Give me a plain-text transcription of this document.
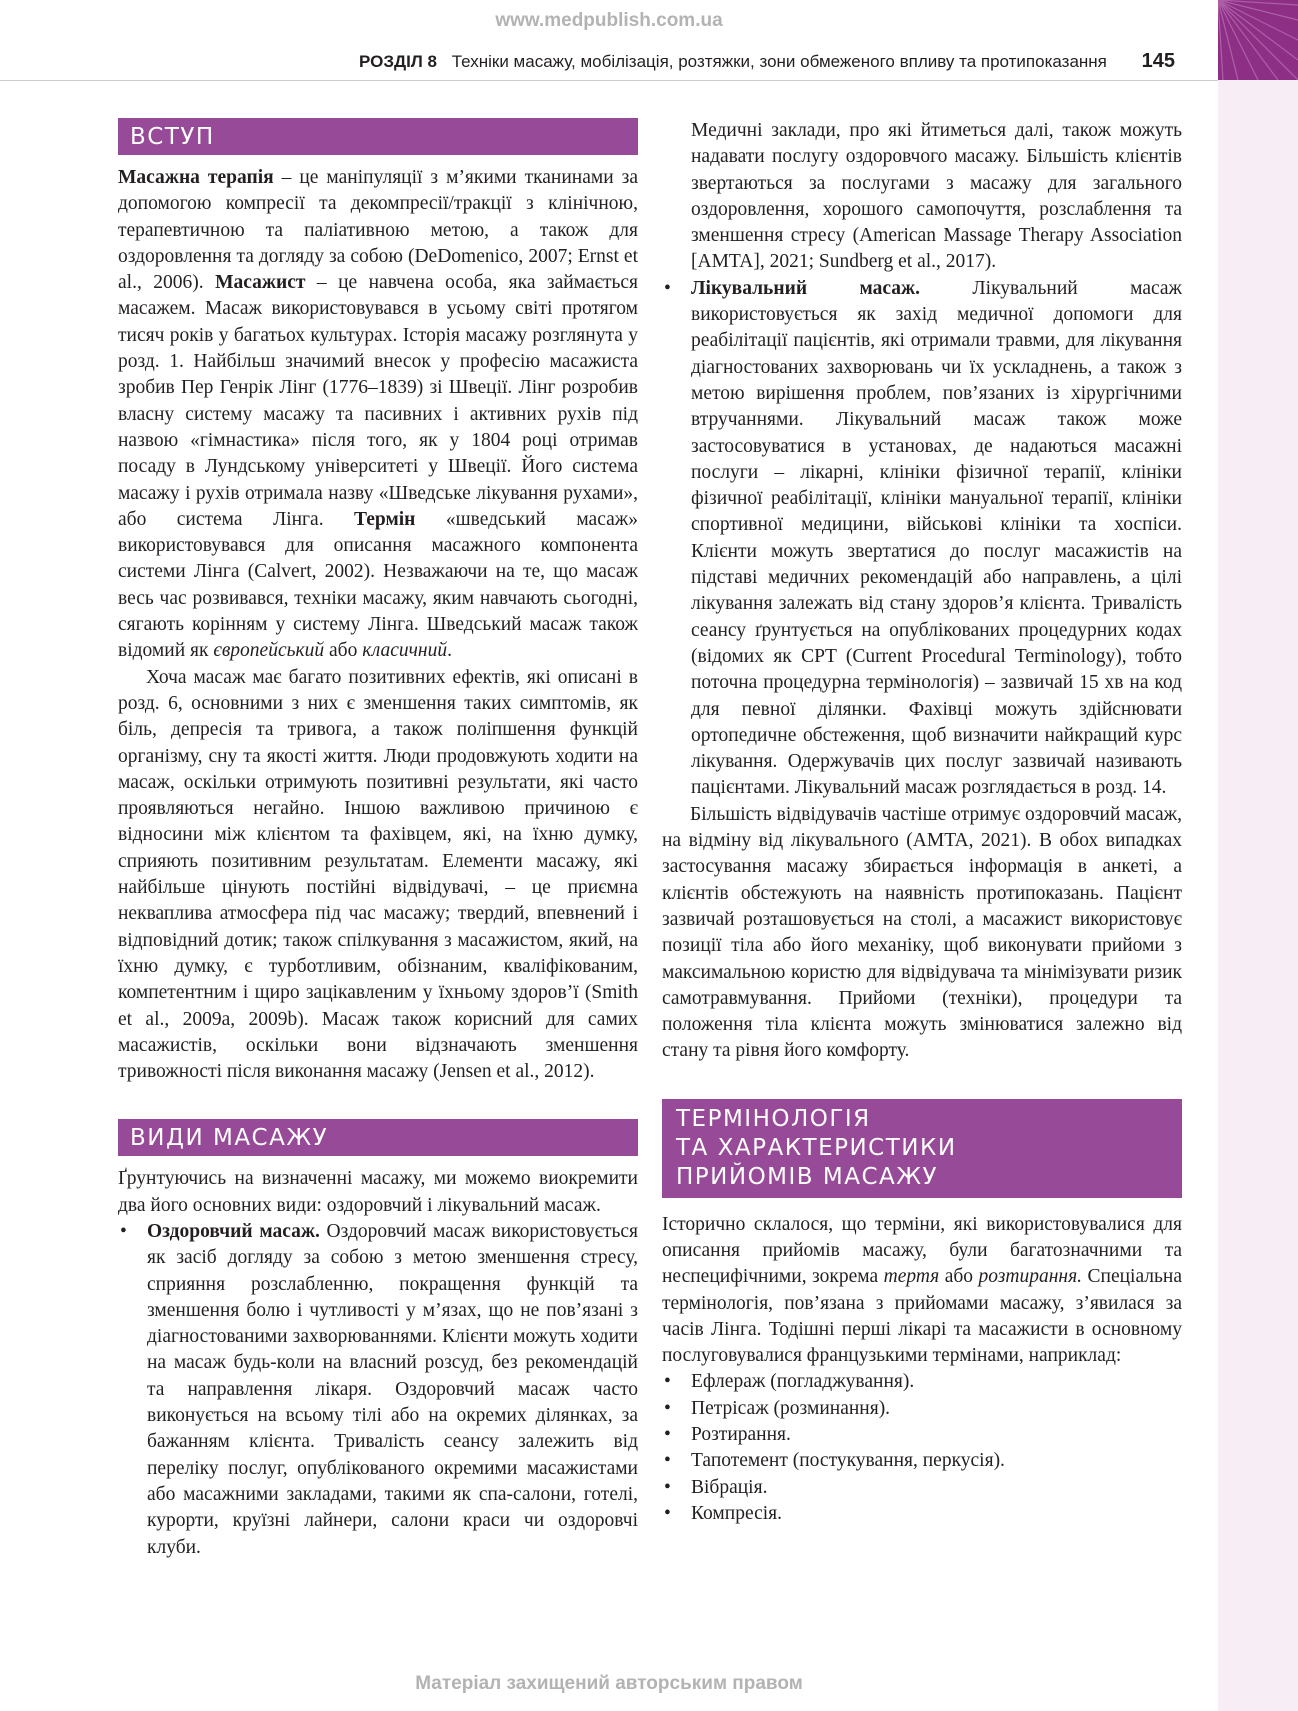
www.medpublish.com.ua
РОЗДІЛ 8 Техніки масажу, мобілізація, розтяжки, зони обмеженого впливу та протипоказання 145
ВСТУП

Масажна терапія – це маніпуляції з м’якими тканинами за допомогою компресії та декомпресії/тракції з клінічною, терапевтичною та паліативною метою, а також для оздоровлення та догляду за собою (DeDomenico, 2007; Ernst et al., 2006). Масажист – це навчена особа, яка займається масажем. Масаж використовувався в усьому світі протягом тисяч років у багатьох культурах. Історія масажу розглянута у розд. 1. Найбільш значимий внесок у професію масажиста зробив Пер Генрік Лінг (1776–1839) зі Швеції. Лінг розробив власну систему масажу та пасивних і активних рухів під назвою «гімнастика» після того, як у 1804 році отримав посаду в Лундському університеті у Швеції. Його система масажу і рухів отримала назву «Шведське лікування рухами», або система Лінга. Термін «шведський масаж» використовувався для описання масажного компонента системи Лінга (Calvert, 2002). Незважаючи на те, що масаж весь час розвивався, техніки масажу, яким навчають сьогодні, сягають корінням у систему Лінга. Шведський масаж також відомий як європейський або класичний.

Хоча масаж має багато позитивних ефектів, які описані в розд. 6, основними з них є зменшення таких симптомів, як біль, депресія та тривога, а також поліпшення функцій організму, сну та якості життя. Люди продовжують ходити на масаж, оскільки отримують позитивні результати, які часто проявляються негайно. Іншою важливою причиною є відносини між клієнтом та фахівцем, які, на їхню думку, сприяють позитивним результатам. Елементи масажу, які найбільше цінують постійні відвідувачі, – це приємна некваплива атмосфера під час масажу; твердий, впевнений і відповідний дотик; також спілкування з масажистом, який, на їхню думку, є турботливим, обізнаним, кваліфікованим, компетентним і щиро зацікавленим у їхньому здоров’ї (Smith et al., 2009a, 2009b). Масаж також корисний для самих масажистів, оскільки вони відзначають зменшення тривожності після виконання масажу (Jensen et al., 2012).

ВИДИ МАСАЖУ

Ґрунтуючись на визначенні масажу, ми можемо виокремити два його основних види: оздоровчий і лікувальний масаж.

• Оздоровчий масаж. Оздоровчий масаж використовується як засіб догляду за собою з метою зменшення стресу, сприяння розслабленню, покращення функцій та зменшення болю і чутливості у м’язах, що не пов’язані з діагностованими захворюваннями. Клієнти можуть ходити на масаж будь-коли на власний розсуд, без рекомендацій та направлення лікаря. Оздоровчий масаж часто виконується на всьому тілі або на окремих ділянках, за бажанням клієнта. Тривалість сеансу залежить від переліку послуг, опублікованого окремими масажистами або масажними закладами, такими як спа-салони, готелі, курорти, круїзні лайнери, салони краси чи оздоровчі клуби.

Медичні заклади, про які йтиметься далі, також можуть надавати послугу оздоровчого масажу. Більшість клієнтів звертаються за послугами з масажу для загального оздоровлення, хорошого самопочуття, розслаблення та зменшення стресу (American Massage Therapy Association [AMTA], 2021; Sundberg et al., 2017).

• Лікувальний масаж. Лікувальний масаж використовується як захід медичної допомоги для реабілітації пацієнтів, які отримали травми, для лікування діагностованих захворювань чи їх ускладнень, а також з метою вирішення проблем, пов’язаних із хірургічними втручаннями. Лікувальний масаж також може застосовуватися в установах, де надаються масажні послуги – лікарні, клініки фізичної терапії, клініки фізичної реабілітації, клініки мануальної терапії, клініки спортивної медицини, військові клініки та хоспіси. Клієнти можуть звертатися до послуг масажистів на підставі медичних рекомендацій або направлень, а цілі лікування залежать від стану здоров’я клієнта. Тривалість сеансу ґрунтується на опублікованих процедурних кодах (відомих як CPT (Current Procedural Terminology), тобто поточна процедурна термінологія) – зазвичай 15 хв на код для певної ділянки. Фахівці можуть здійснювати ортопедичне обстеження, щоб визначити найкращий курс лікування. Одержувачів цих послуг зазвичай називають пацієнтами. Лікувальний масаж розглядається в розд. 14.

Більшість відвідувачів частіше отримує оздоровчий масаж, на відміну від лікувального (AMTA, 2021). В обох випадках застосування масажу збирається інформація в анкеті, а клієнтів обстежують на наявність протипоказань. Пацієнт зазвичай розташовується на столі, а масажист використовує позиції тіла або його механіку, щоб виконувати прийоми з максимальною користю для відвідувача та мінімізувати ризик самотравмування. Прийоми (техніки), процедури та положення тіла клієнта можуть змінюватися залежно від стану та рівня його комфорту.

ТЕРМІНОЛОГІЯ
ТА ХАРАКТЕРИСТИКИ
ПРИЙОМІВ МАСАЖУ

Історично склалося, що терміни, які використовувалися для описання прийомів масажу, були багатозначними та неспецифічними, зокрема тертя або розтирання. Спеціальна термінологія, пов’язана з прийомами масажу, з’явилася за часів Лінга. Тодішні перші лікарі та масажисти в основному послуговувалися французькими термінами, наприклад:

• Ефлераж (погладжування).
• Петрісаж (розминання).
• Розтирання.
• Тапотемент (постукування, перкусія).
• Вібрація.
• Компресія.
Матеріал захищений авторським правом
